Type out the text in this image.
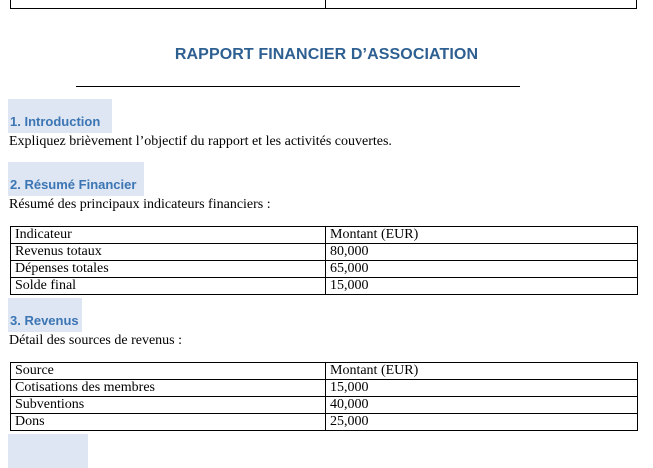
RAPPORT FINANCIER D’ASSOCIATION
1. Introduction
Expliquez brièvement l’objectif du rapport et les activités couvertes.
2. Résumé Financier
Résumé des principaux indicateurs financiers :
Indicateur	Montant (EUR)
Revenus totaux	80,000
Dépenses totales	65,000
Solde final	15,000
3. Revenus
Détail des sources de revenus :
Source	Montant (EUR)
Cotisations des membres	15,000
Subventions	40,000
Dons	25,000
